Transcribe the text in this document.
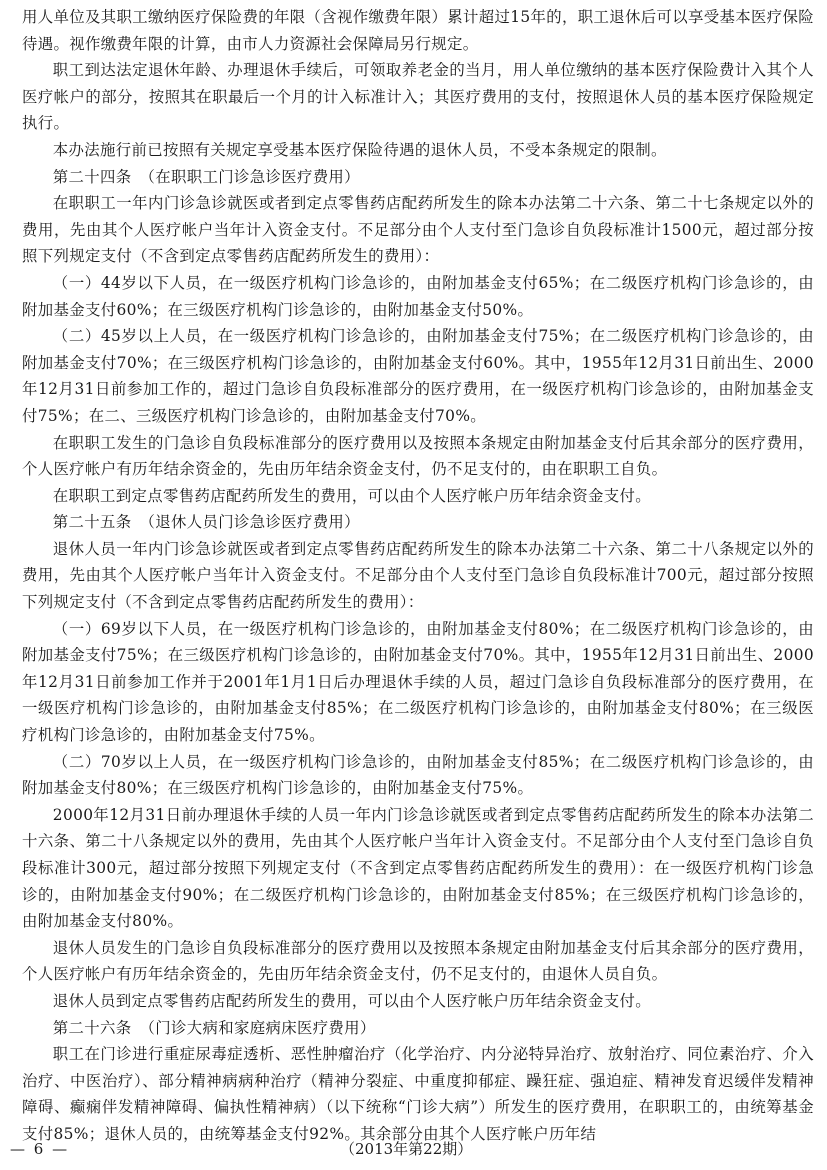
用人单位及其职工缴纳医疗保险费的年限（含视作缴费年限）累计超过15年的，职工退休后可以享受基本医疗保险待遇。视作缴费年限的计算，由市人力资源社会保障局另行规定。

职工到达法定退休年龄、办理退休手续后，可领取养老金的当月，用人单位缴纳的基本医疗保险费计入其个人医疗帐户的部分，按照其在职最后一个月的计入标准计入；其医疗费用的支付，按照退休人员的基本医疗保险规定执行。

本办法施行前已按照有关规定享受基本医疗保险待遇的退休人员，不受本条规定的限制。

第二十四条　（在职职工门诊急诊医疗费用）

在职职工一年内门诊急诊就医或者到定点零售药店配药所发生的除本办法第二十六条、第二十七条规定以外的费用，先由其个人医疗帐户当年计入资金支付。不足部分由个人支付至门急诊自负段标准计1500元，超过部分按照下列规定支付（不含到定点零售药店配药所发生的费用）：

（一）44岁以下人员，在一级医疗机构门诊急诊的，由附加基金支付65%；在二级医疗机构门诊急诊的，由附加基金支付60%；在三级医疗机构门诊急诊的，由附加基金支付50%。

（二）45岁以上人员，在一级医疗机构门诊急诊的，由附加基金支付75%；在二级医疗机构门诊急诊的，由附加基金支付70%；在三级医疗机构门诊急诊的，由附加基金支付60%。其中，1955年12月31日前出生、2000年12月31日前参加工作的，超过门急诊自负段标准部分的医疗费用，在一级医疗机构门诊急诊的，由附加基金支付75%；在二、三级医疗机构门诊急诊的，由附加基金支付70%。

在职职工发生的门急诊自负段标准部分的医疗费用以及按照本条规定由附加基金支付后其余部分的医疗费用，个人医疗帐户有历年结余资金的，先由历年结余资金支付，仍不足支付的，由在职职工自负。

在职职工到定点零售药店配药所发生的费用，可以由个人医疗帐户历年结余资金支付。

第二十五条　（退休人员门诊急诊医疗费用）

退休人员一年内门诊急诊就医或者到定点零售药店配药所发生的除本办法第二十六条、第二十八条规定以外的费用，先由其个人医疗帐户当年计入资金支付。不足部分由个人支付至门急诊自负段标准计700元，超过部分按照下列规定支付（不含到定点零售药店配药所发生的费用）：

（一）69岁以下人员，在一级医疗机构门诊急诊的，由附加基金支付80%；在二级医疗机构门诊急诊的，由附加基金支付75%；在三级医疗机构门诊急诊的，由附加基金支付70%。其中，1955年12月31日前出生、2000年12月31日前参加工作并于2001年1月1日后办理退休手续的人员，超过门急诊自负段标准部分的医疗费用，在一级医疗机构门诊急诊的，由附加基金支付85%；在二级医疗机构门诊急诊的，由附加基金支付80%；在三级医疗机构门诊急诊的，由附加基金支付75%。

（二）70岁以上人员，在一级医疗机构门诊急诊的，由附加基金支付85%；在二级医疗机构门诊急诊的，由附加基金支付80%；在三级医疗机构门诊急诊的，由附加基金支付75%。

2000年12月31日前办理退休手续的人员一年内门诊急诊就医或者到定点零售药店配药所发生的除本办法第二十六条、第二十八条规定以外的费用，先由其个人医疗帐户当年计入资金支付。不足部分由个人支付至门急诊自负段标准计300元，超过部分按照下列规定支付（不含到定点零售药店配药所发生的费用）：在一级医疗机构门诊急诊的，由附加基金支付90%；在二级医疗机构门诊急诊的，由附加基金支付85%；在三级医疗机构门诊急诊的，由附加基金支付80%。

退休人员发生的门急诊自负段标准部分的医疗费用以及按照本条规定由附加基金支付后其余部分的医疗费用，个人医疗帐户有历年结余资金的，先由历年结余资金支付，仍不足支付的，由退休人员自负。

退休人员到定点零售药店配药所发生的费用，可以由个人医疗帐户历年结余资金支付。

第二十六条　（门诊大病和家庭病床医疗费用）

职工在门诊进行重症尿毒症透析、恶性肿瘤治疗（化学治疗、内分泌特异治疗、放射治疗、同位素治疗、介入治疗、中医治疗）、部分精神病病种治疗（精神分裂症、中重度抑郁症、躁狂症、强迫症、精神发育迟缓伴发精神障碍、癫痫伴发精神障碍、偏执性精神病）（以下统称“门诊大病”）所发生的医疗费用，在职职工的，由统筹基金支付85%；退休人员的，由统筹基金支付92%。其余部分由其个人医疗帐户历年结

— 6 —	（2013年第22期）
